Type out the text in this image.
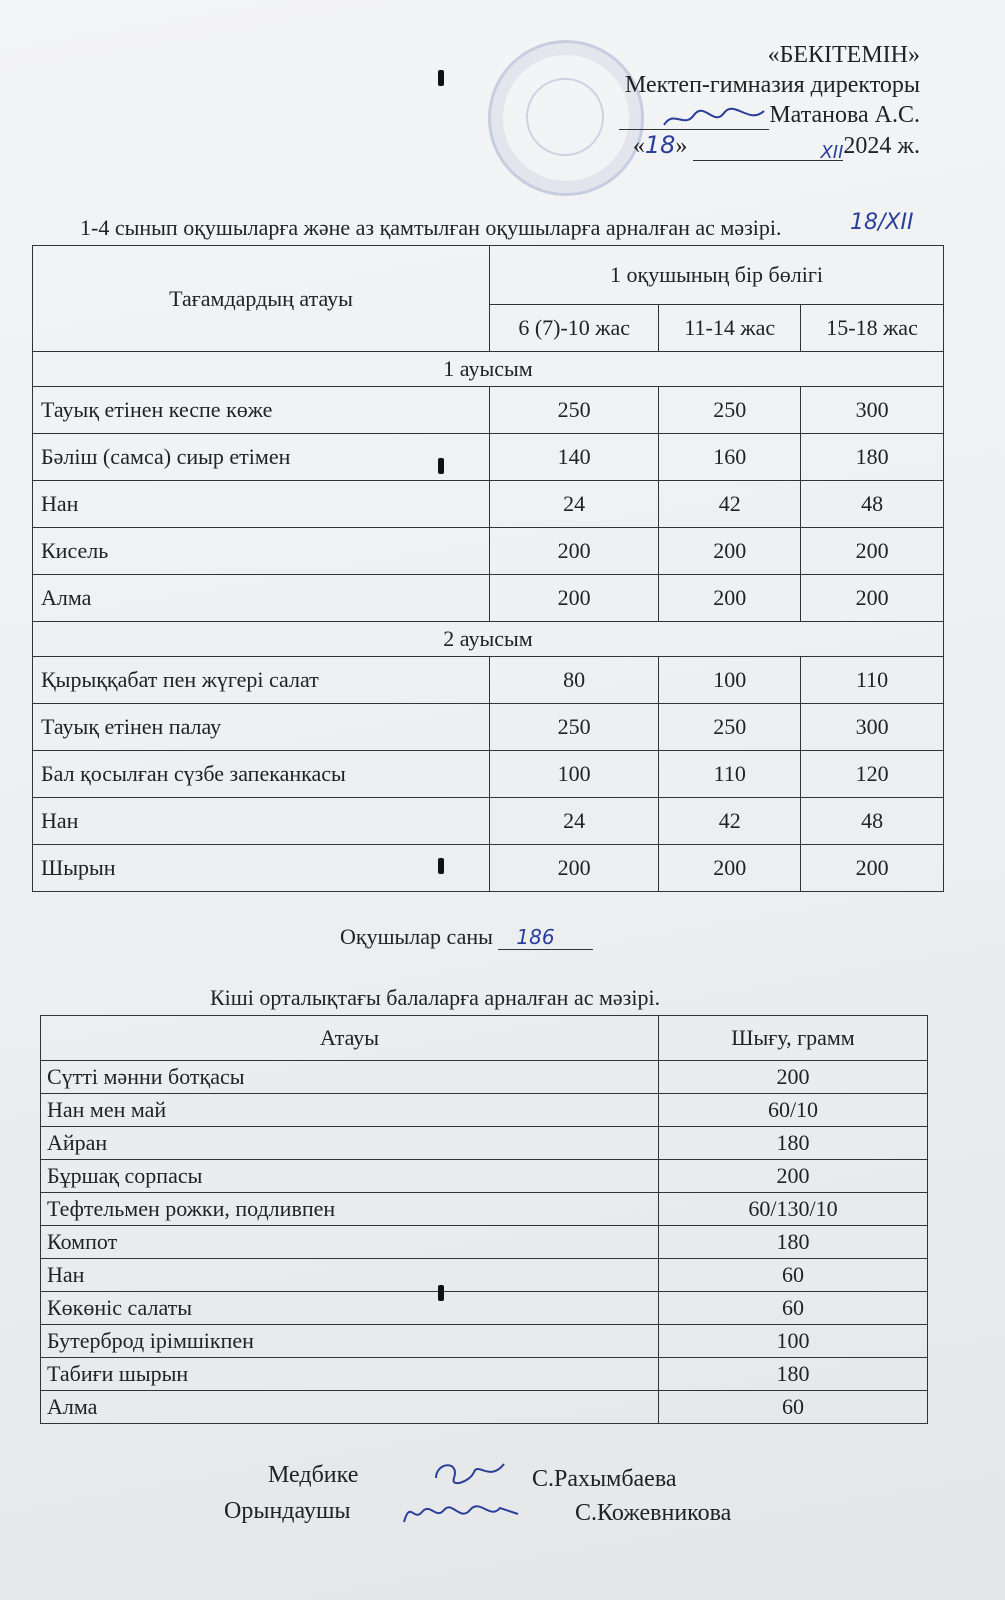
«БЕКІТЕМІН»
Мектеп-гимназия директоры
Матанова А.С.
«18»	XII2024 ж.
1-4 сынып оқушыларға және аз қамтылған оқушыларға арналған ас мәзірі.	18/XII
Тағамдардың атауы	1 оқушының бір бөлігі		
	6 (7)-10 жас	11-14 жас	15-18 жас
1 ауысым			
Тауық етінен кеспе көже	250	250	300
Бәліш (самса) сиыр етімен	140	160	180
Нан	24	42	48
Кисель	200	200	200
Алма	200	200	200
2 ауысым			
Қырыққабат пен жүгері салат	80	100	110
Тауық етінен палау	250	250	300
Бал қосылған сүзбе запеканкасы	100	110	120
Нан	24	42	48
Шырын	200	200	200
Оқушылар саны 186
Кіші орталықтағы балаларға арналған ас мәзірі.
Атауы	Шығу, грамм
Сүтті мәнни ботқасы	200
Нан мен май	60/10
Айран	180
Бұршақ сорпасы	200
Тефтельмен рожки, подливпен	60/130/10
Компот	180
Нан	60
Көкөніс салаты	60
Бутерброд ірімшікпен	100
Табиғи шырын	180
Алма	60
Медбике	С.Рахымбаева
Орындаушы	С.Кожевникова
